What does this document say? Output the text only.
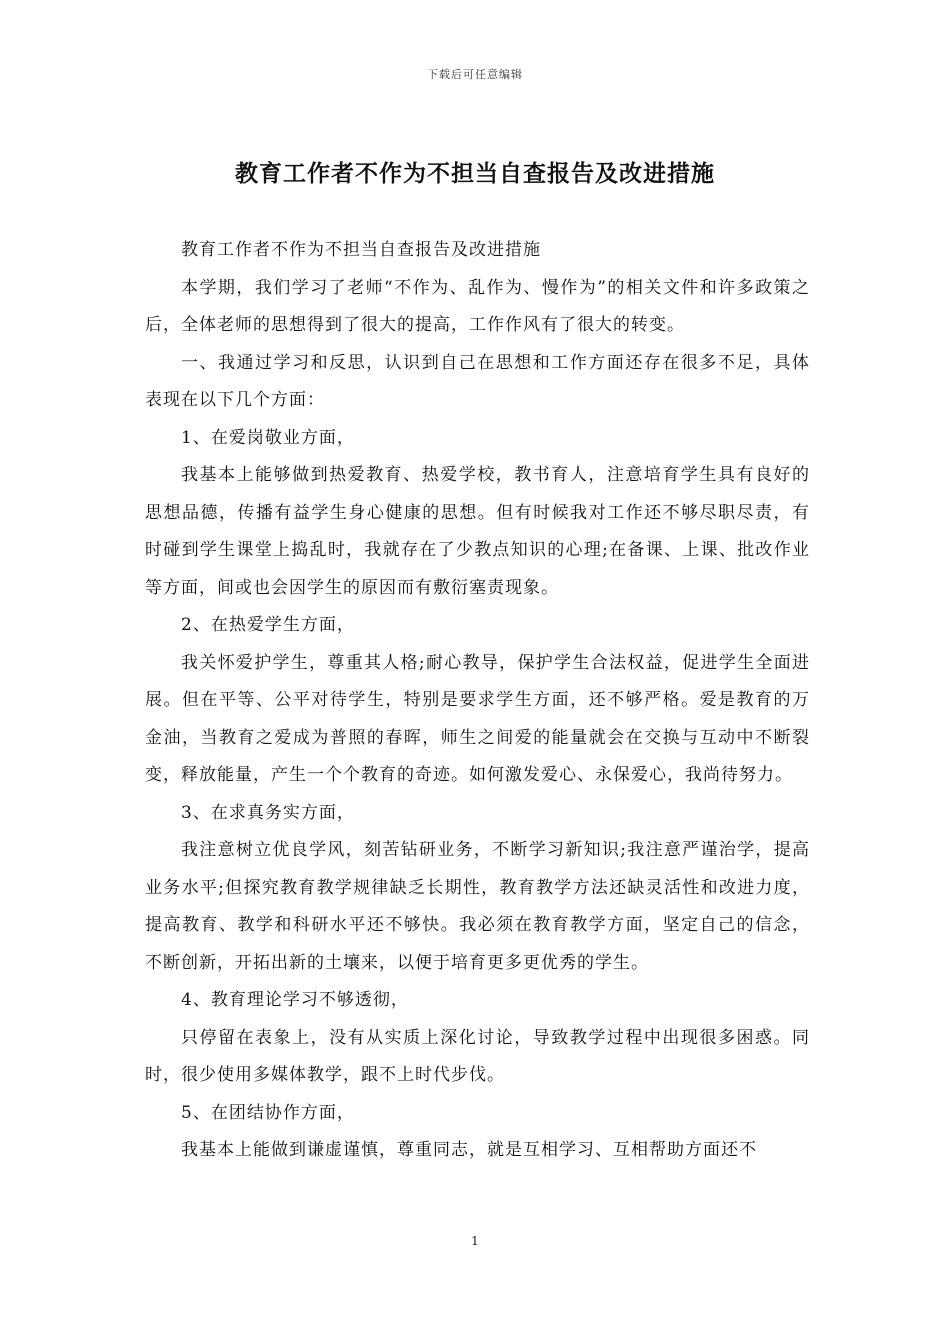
下载后可任意编辑
教育工作者不作为不担当自查报告及改进措施

教育工作者不作为不担当自查报告及改进措施

本学期，我们学习了老师“不作为、乱作为、慢作为”的相关文件和许多政策之后，全体老师的思想得到了很大的提高，工作作风有了很大的转变。

一、我通过学习和反思，认识到自己在思想和工作方面还存在很多不足，具体表现在以下几个方面：

1、在爱岗敬业方面，

我基本上能够做到热爱教育、热爱学校，教书育人，注意培育学生具有良好的思想品德，传播有益学生身心健康的思想。但有时候我对工作还不够尽职尽责，有时碰到学生课堂上捣乱时，我就存在了少教点知识的心理;在备课、上课、批改作业等方面，间或也会因学生的原因而有敷衍塞责现象。

2、在热爱学生方面，

我关怀爱护学生，尊重其人格;耐心教导，保护学生合法权益，促进学生全面进展。但在平等、公平对待学生，特别是要求学生方面，还不够严格。爱是教育的万金油，当教育之爱成为普照的春晖，师生之间爱的能量就会在交换与互动中不断裂变，释放能量，产生一个个教育的奇迹。如何激发爱心、永保爱心，我尚待努力。

3、在求真务实方面，

我注意树立优良学风，刻苦钻研业务，不断学习新知识;我注意严谨治学，提高业务水平;但探究教育教学规律缺乏长期性，教育教学方法还缺灵活性和改进力度，提高教育、教学和科研水平还不够快。我必须在教育教学方面，坚定自己的信念，不断创新，开拓出新的土壤来，以便于培育更多更优秀的学生。

4、教育理论学习不够透彻，

只停留在表象上，没有从实质上深化讨论，导致教学过程中出现很多困惑。同时，很少使用多媒体教学，跟不上时代步伐。

5、在团结协作方面，

我基本上能做到谦虚谨慎，尊重同志，就是互相学习、互相帮助方面还不

1
